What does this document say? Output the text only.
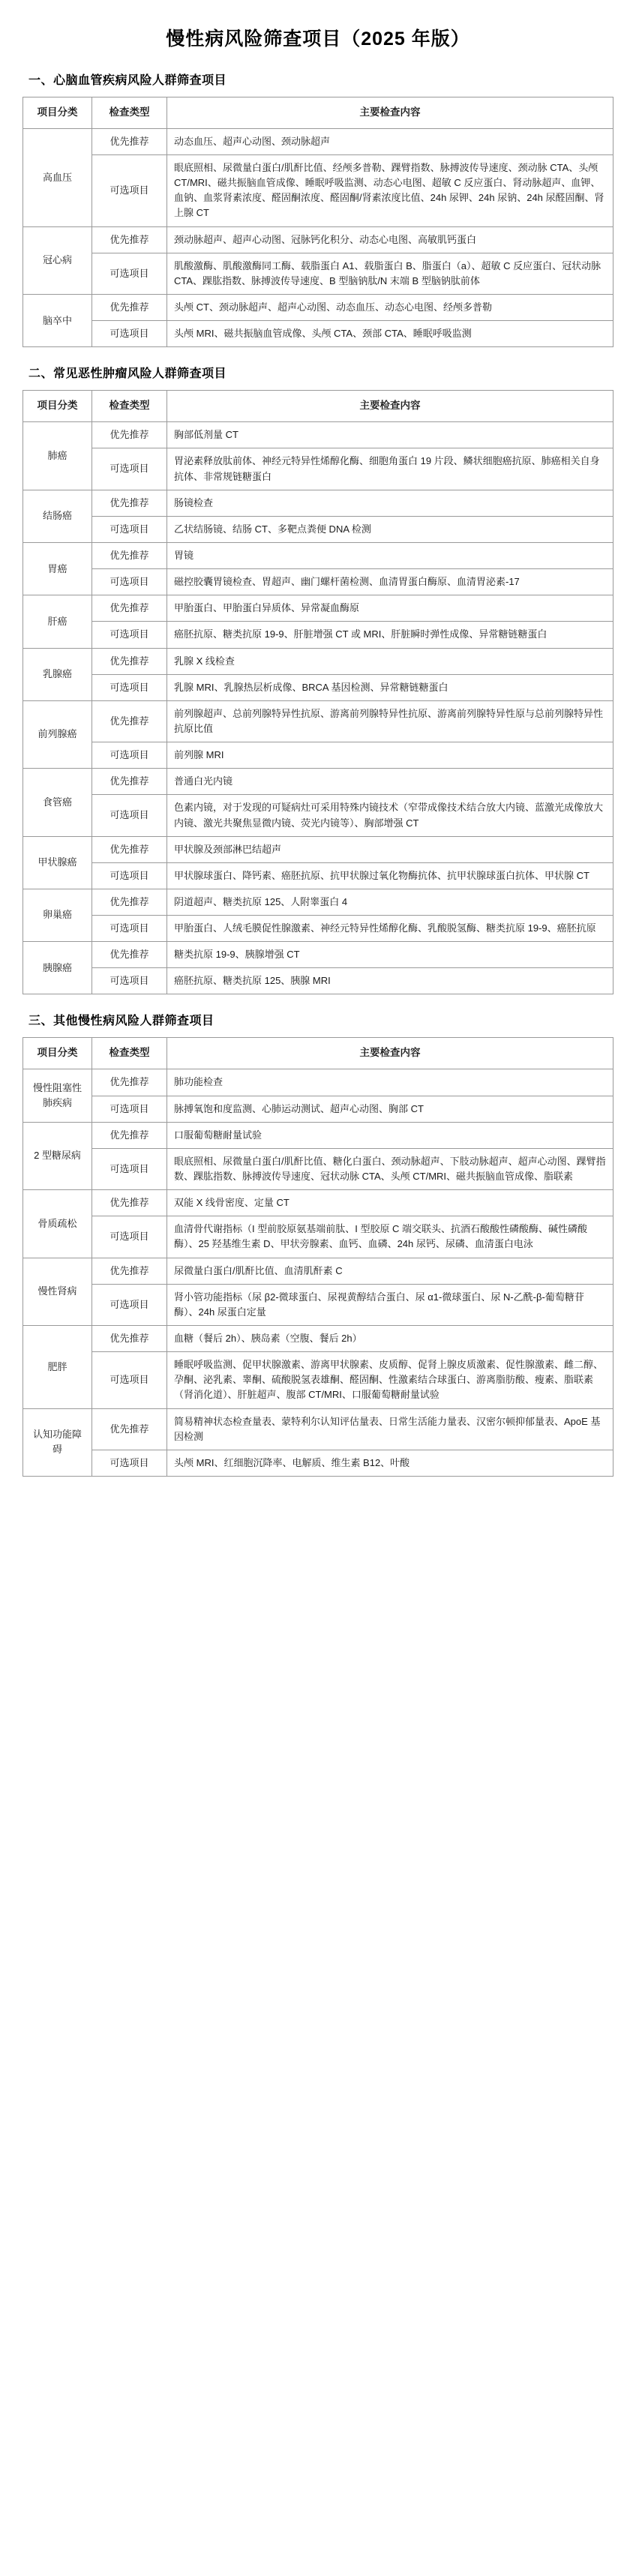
慢性病风险筛查项目（2025 年版）
一、心脑血管疾病风险人群筛查项目
项目分类	检查类型	主要检查内容
高血压	优先推荐	动态血压、超声心动图、颈动脉超声
	可选项目	眼底照相、尿微量白蛋白/肌酐比值、经颅多普勒、踝臂指数、脉搏波传导速度、颈动脉 CTA、头颅 CT/MRI、磁共振脑血管成像、睡眠呼吸监测、动态心电图、超敏 C 反应蛋白、肾动脉超声、血钾、血钠、血浆肾素浓度、醛固酮浓度、醛固酮/肾素浓度比值、24h 尿钾、24h 尿钠、24h 尿醛固酮、肾上腺 CT
冠心病	优先推荐	颈动脉超声、超声心动图、冠脉钙化积分、动态心电图、高敏肌钙蛋白
	可选项目	肌酸激酶、肌酸激酶同工酶、载脂蛋白 A1、载脂蛋白 B、脂蛋白（a）、超敏 C 反应蛋白、冠状动脉 CTA、踝肱指数、脉搏波传导速度、B 型脑钠肽/N 末端 B 型脑钠肽前体
脑卒中	优先推荐	头颅 CT、颈动脉超声、超声心动图、动态血压、动态心电图、经颅多普勒
	可选项目	头颅 MRI、磁共振脑血管成像、头颅 CTA、颈部 CTA、睡眠呼吸监测
二、常见恶性肿瘤风险人群筛查项目
项目分类	检查类型	主要检查内容
肺癌	优先推荐	胸部低剂量 CT
	可选项目	胃泌素释放肽前体、神经元特异性烯醇化酶、细胞角蛋白 19 片段、鳞状细胞癌抗原、肺癌相关自身抗体、非常规链糖蛋白
结肠癌	优先推荐	肠镜检查
	可选项目	乙状结肠镜、结肠 CT、多靶点粪便 DNA 检测
胃癌	优先推荐	胃镜
	可选项目	磁控胶囊胃镜检查、胃超声、幽门螺杆菌检测、血清胃蛋白酶原、血清胃泌素-17
肝癌	优先推荐	甲胎蛋白、甲胎蛋白异质体、异常凝血酶原
	可选项目	癌胚抗原、糖类抗原 19-9、肝脏增强 CT 或 MRI、肝脏瞬时弹性成像、异常糖链糖蛋白
乳腺癌	优先推荐	乳腺 X 线检查
	可选项目	乳腺 MRI、乳腺热层析成像、BRCA 基因检测、异常糖链糖蛋白
前列腺癌	优先推荐	前列腺超声、总前列腺特异性抗原、游离前列腺特异性抗原、游离前列腺特异性原与总前列腺特异性抗原比值
	可选项目	前列腺 MRI
食管癌	优先推荐	普通白光内镜
	可选项目	色素内镜，对于发现的可疑病灶可采用特殊内镜技术（窄带成像技术结合放大内镜、蓝激光成像放大内镜、激光共聚焦显微内镜、荧光内镜等）、胸部增强 CT
甲状腺癌	优先推荐	甲状腺及颈部淋巴结超声
	可选项目	甲状腺球蛋白、降钙素、癌胚抗原、抗甲状腺过氧化物酶抗体、抗甲状腺球蛋白抗体、甲状腺 CT
卵巢癌	优先推荐	阴道超声、糖类抗原 125、人附睾蛋白 4
	可选项目	甲胎蛋白、人绒毛膜促性腺激素、神经元特异性烯醇化酶、乳酸脱氢酶、糖类抗原 19-9、癌胚抗原
胰腺癌	优先推荐	糖类抗原 19-9、胰腺增强 CT
	可选项目	癌胚抗原、糖类抗原 125、胰腺 MRI
三、其他慢性病风险人群筛查项目
项目分类	检查类型	主要检查内容
慢性阻塞性肺疾病	优先推荐	肺功能检查
	可选项目	脉搏氧饱和度监测、心肺运动测试、超声心动图、胸部 CT
2 型糖尿病	优先推荐	口服葡萄糖耐量试验
	可选项目	眼底照相、尿微量白蛋白/肌酐比值、糖化白蛋白、颈动脉超声、下肢动脉超声、超声心动图、踝臂指数、踝肱指数、脉搏波传导速度、冠状动脉 CTA、头颅 CT/MRI、磁共振脑血管成像、脂联素
骨质疏松	优先推荐	双能 X 线骨密度、定量 CT
	可选项目	血清骨代谢指标（I 型前胶原氨基端前肽、I 型胶原 C 端交联头、抗酒石酸酸性磷酸酶、碱性磷酸酶）、25 羟基维生素 D、甲状旁腺素、血钙、血磷、24h 尿钙、尿磷、血清蛋白电泳
慢性肾病	优先推荐	尿微量白蛋白/肌酐比值、血清肌酐素 C
	可选项目	肾小管功能指标（尿 β2-微球蛋白、尿视黄醇结合蛋白、尿 α1-微球蛋白、尿 N-乙酰-β-葡萄糖苷酶）、24h 尿蛋白定量
肥胖	优先推荐	血糖（餐后 2h）、胰岛素（空腹、餐后 2h）
	可选项目	睡眠呼吸监测、促甲状腺激素、游离甲状腺素、皮质醇、促肾上腺皮质激素、促性腺激素、雌二醇、孕酮、泌乳素、睾酮、硫酸脱氢表雄酮、醛固酮、性激素结合球蛋白、游离脂肪酸、瘦素、脂联素（肾消化道）、肝脏超声、腹部 CT/MRI、口服葡萄糖耐量试验
认知功能障碍	优先推荐	简易精神状态检查量表、蒙特利尔认知评估量表、日常生活能力量表、汉密尔顿抑郁量表、ApoE 基因检测
	可选项目	头颅 MRI、红细胞沉降率、电解质、维生素 B12、叶酸
